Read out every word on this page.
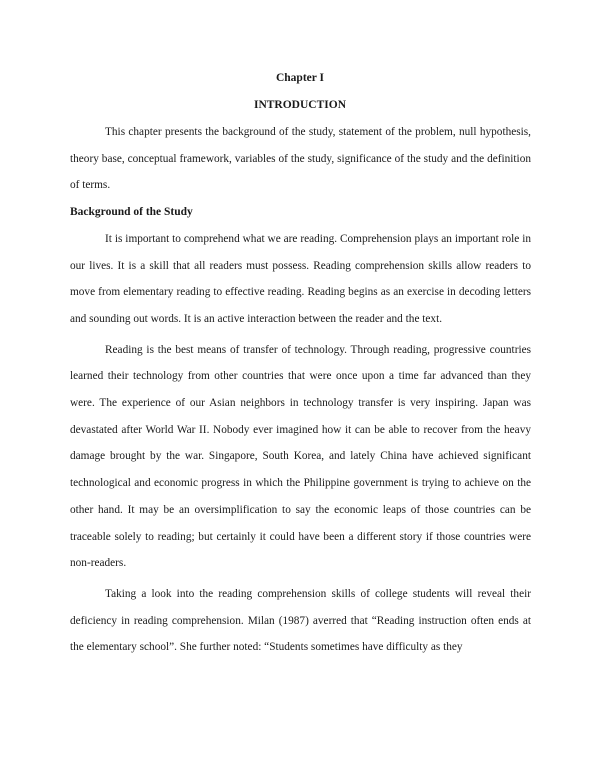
Chapter I
INTRODUCTION

This chapter presents the background of the study, statement of the problem, null hypothesis, theory base, conceptual framework, variables of the study, significance of the study and the definition of terms.

Background of the Study

It is important to comprehend what we are reading. Comprehension plays an important role in our lives. It is a skill that all readers must possess. Reading comprehension skills allow readers to move from elementary reading to effective reading. Reading begins as an exercise in decoding letters and sounding out words. It is an active interaction between the reader and the text.

Reading is the best means of transfer of technology. Through reading, progressive countries learned their technology from other countries that were once upon a time far advanced than they were. The experience of our Asian neighbors in technology transfer is very inspiring. Japan was devastated after World War II. Nobody ever imagined how it can be able to recover from the heavy damage brought by the war. Singapore, South Korea, and lately China have achieved significant technological and economic progress in which the Philippine government is trying to achieve on the other hand. It may be an oversimplification to say the economic leaps of those countries can be traceable solely to reading; but certainly it could have been a different story if those countries were non-readers.

Taking a look into the reading comprehension skills of college students will reveal their deficiency in reading comprehension. Milan (1987) averred that “Reading instruction often ends at the elementary school”. She further noted: “Students sometimes have difficulty as they
